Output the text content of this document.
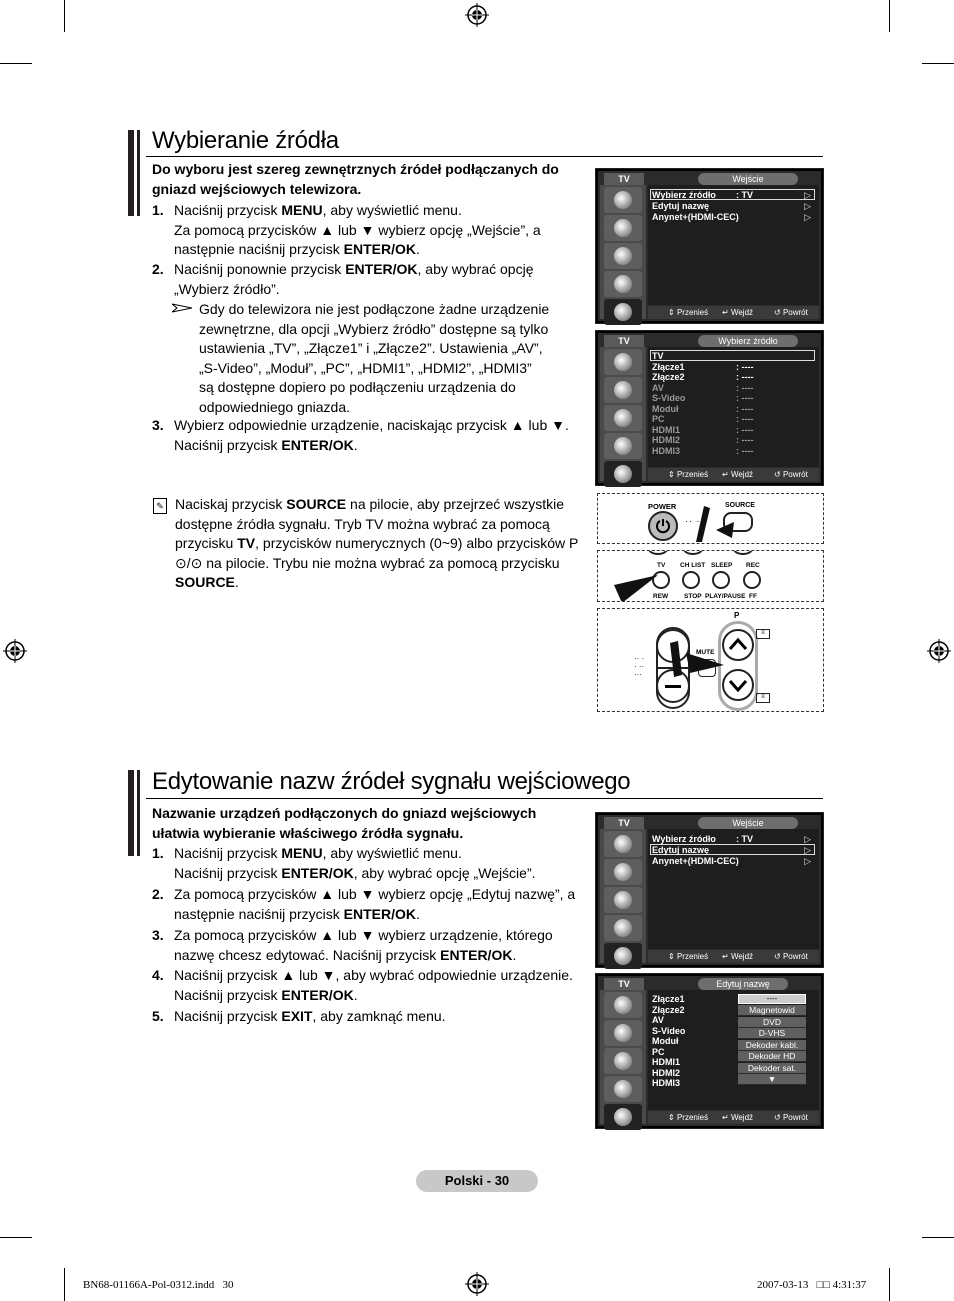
Wybieranie źródła
Do wyboru jest szereg zewnętrznych źródeł podłączanych do gniazd wejściowych telewizora.
1. Naciśnij przycisk MENU, aby wyświetlić menu.
Za pomocą przycisków ▲ lub ▼ wybierz opcję „Wejście”, a
następnie naciśnij przycisk ENTER/OK.
2. Naciśnij ponownie przycisk ENTER/OK, aby wybrać opcję
„Wybierz źródło”.
Gdy do telewizora nie jest podłączone żadne urządzenie
zewnętrzne, dla opcji „Wybierz źródło” dostępne są tylko
ustawienia „TV”, „Złącze1” i „Złącze2”. Ustawienia „AV”,
„S-Video”, „Moduł”, „PC”, „HDMI1”, „HDMI2”, „HDMI3”
są dostępne dopiero po podłączeniu urządzenia do
odpowiedniego gniazda.
3. Wybierz odpowiednie urządzenie, naciskając przycisk ▲ lub ▼.
Naciśnij przycisk ENTER/OK.
✎ Naciskaj przycisk SOURCE na pilocie, aby przejrzeć wszystkie
dostępne źródła sygnału. Tryb TV można wybrać za pomocą
przycisku TV, przycisków numerycznych (0~9) albo przycisków P
⊙/⊙ na pilocie. Trybu nie można wybrać za pomocą przycisku
SOURCE.
TV	Wejście
Wybierz źródło : TV	▷
Edytuj nazwę	▷
Anynet+(HDMI-CEC)	▷
⇕ Przenieś ↵ Wejdź	↺ Powrót
TV	Wybierz źródło
TV
Złącze1	: ----
Złącze2	: ----
AV	: ----
S-Video	: ----
Moduł	: ----
PC	: ----
HDMI1	: ----
HDMI2	: ----
HDMI3	: ----
⇕ Przenieś ↵ Wejdź	↺ Powrót
POWER	SOURCE
·· ·
TV CH LIST SLEEP REC
REW STOP PLAY/PAUSE FF
P
MUTE
≡
≡
·· ·
· ··
···
Edytowanie nazw źródeł sygnału wejściowego
Nazwanie urządzeń podłączonych do gniazd wejściowych
ułatwia wybieranie właściwego źródła sygnału.
1. Naciśnij przycisk MENU, aby wyświetlić menu.
Naciśnij przycisk ENTER/OK, aby wybrać opcję „Wejście”.
2. Za pomocą przycisków ▲ lub ▼ wybierz opcję „Edytuj nazwę”, a
następnie naciśnij przycisk ENTER/OK.
3. Za pomocą przycisków ▲ lub ▼ wybierz urządzenie, którego
nazwę chcesz edytować. Naciśnij przycisk ENTER/OK.
4. Naciśnij przycisk ▲ lub ▼, aby wybrać odpowiednie urządzenie.
Naciśnij przycisk ENTER/OK.
5. Naciśnij przycisk EXIT, aby zamknąć menu.
TV	Wejście
Wybierz źródło : TV	▷
Edytuj nazwę	▷
Anynet+(HDMI-CEC)	▷
⇕ Przenieś ↵ Wejdź	↺ Powrót
TV	Edytuj nazwę
Złącze1
Złącze2
AV
S-Video
Moduł
PC
HDMI1
HDMI2
HDMI3
----
Magnetowid
DVD
D-VHS
Dekoder kabl.
Dekoder HD
Dekoder sat.
▼
⇕ Przenieś ↵ Wejdź	↺ Powrót
Polski - 30
BN68-01166A-Pol-0312.indd   30	2007-03-13   □□ 4:31:37
